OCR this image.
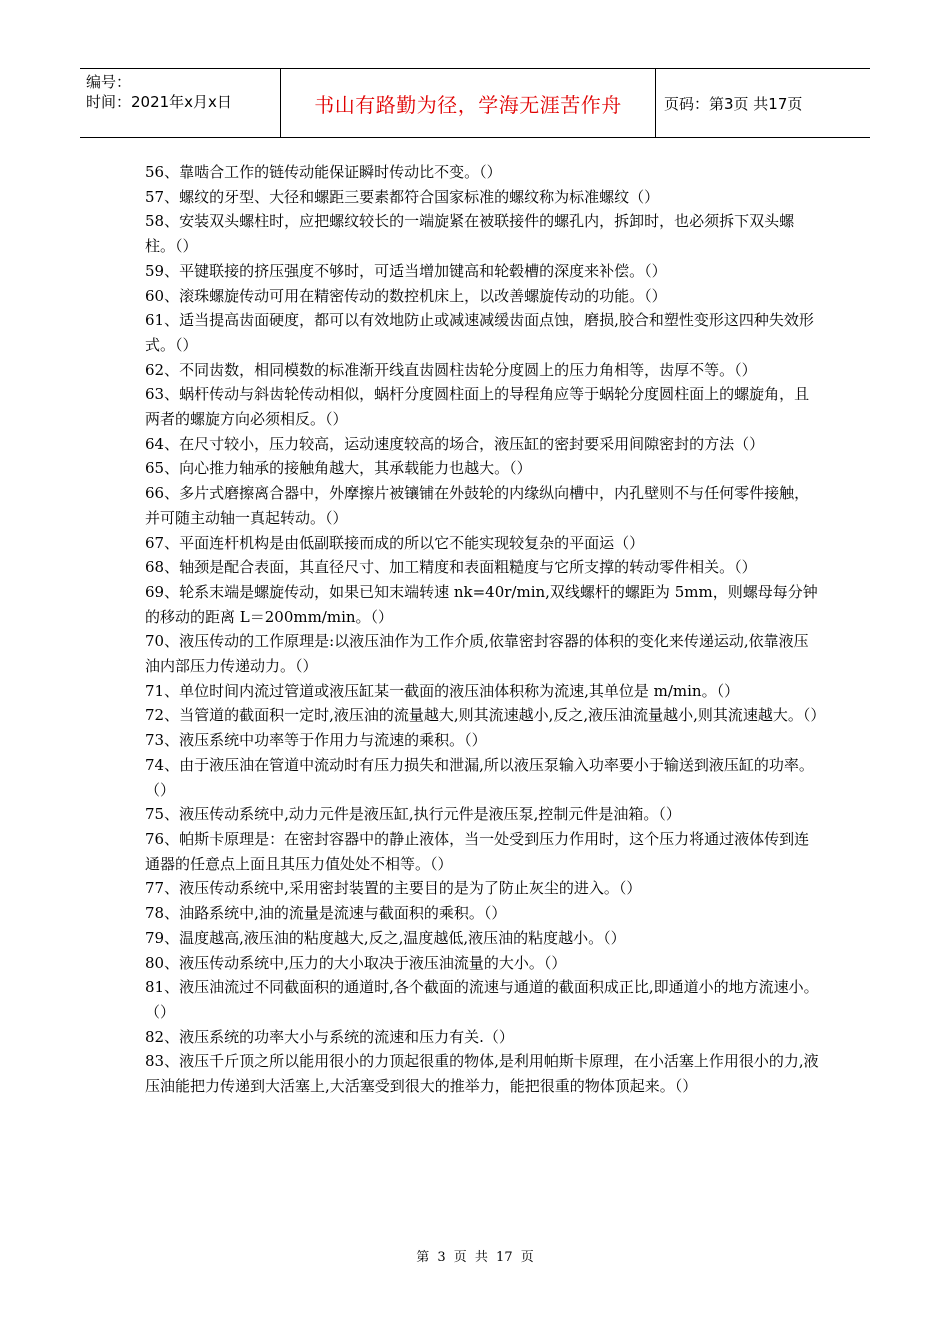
编号：
时间：2021年x月x日	书山有路勤为径，学海无涯苦作舟	页码：第3页 共17页

56、靠啮合工作的链传动能保证瞬时传动比不变。（）

57、螺纹的牙型、大径和螺距三要素都符合国家标准的螺纹称为标准螺纹（）

58、安装双头螺柱时，应把螺纹较长的一端旋紧在被联接件的螺孔内，拆卸时，也必须拆下双头螺柱。（）

59、平键联接的挤压强度不够时，可适当增加键高和轮毂槽的深度来补偿。（）

60、滚珠螺旋传动可用在精密传动的数控机床上，以改善螺旋传动的功能。（）

61、适当提高齿面硬度，都可以有效地防止或减速减缓齿面点蚀，磨损,胶合和塑性变形这四种失效形式。（）

62、不同齿数，相同模数的标准渐开线直齿圆柱齿轮分度圆上的压力角相等，齿厚不等。（）

63、蜗杆传动与斜齿轮传动相似，蜗杆分度圆柱面上的导程角应等于蜗轮分度圆柱面上的螺旋角，且两者的螺旋方向必须相反。（）

64、在尺寸较小，压力较高，运动速度较高的场合，液压缸的密封要采用间隙密封的方法（）

65、向心推力轴承的接触角越大，其承载能力也越大。（）

66、多片式磨擦离合器中，外摩擦片被镶铺在外鼓轮的内缘纵向槽中，内孔壁则不与任何零件接触，并可随主动轴一真起转动。（）

67、平面连杆机构是由低副联接而成的所以它不能实现较复杂的平面运（）

68、轴颈是配合表面，其直径尺寸、加工精度和表面粗糙度与它所支撑的转动零件相关。（）

69、轮系末端是螺旋传动，如果已知末端转速 nk=40r/min,双线螺杆的螺距为 5mm，则螺母每分钟的移动的距离 L＝200mm/min。（）

70、液压传动的工作原理是:以液压油作为工作介质,依靠密封容器的体积的变化来传递运动,依靠液压油内部压力传递动力。（）

71、单位时间内流过管道或液压缸某一截面的液压油体积称为流速,其单位是 m/min。（）

72、当管道的截面积一定时,液压油的流量越大,则其流速越小,反之,液压油流量越小,则其流速越大。（）

73、液压系统中功率等于作用力与流速的乘积。（）

74、由于液压油在管道中流动时有压力损失和泄漏,所以液压泵输入功率要小于输送到液压缸的功率。（）

75、液压传动系统中,动力元件是液压缸,执行元件是液压泵,控制元件是油箱。（）

76、帕斯卡原理是：在密封容器中的静止液体，当一处受到压力作用时，这个压力将通过液体传到连通器的任意点上面且其压力值处处不相等。（）

77、液压传动系统中,采用密封装置的主要目的是为了防止灰尘的进入。（）

78、油路系统中,油的流量是流速与截面积的乘积。（）

79、温度越高,液压油的粘度越大,反之,温度越低,液压油的粘度越小。（）

80、液压传动系统中,压力的大小取决于液压油流量的大小。（）

81、液压油流过不同截面积的通道时,各个截面的流速与通道的截面积成正比,即通道小的地方流速小。（）

82、液压系统的功率大小与系统的流速和压力有关.（）

83、液压千斤顶之所以能用很小的力顶起很重的物体,是利用帕斯卡原理，在小活塞上作用很小的力,液压油能把力传递到大活塞上,大活塞受到很大的推举力，能把很重的物体顶起来。（）

第 3 页 共 17 页
